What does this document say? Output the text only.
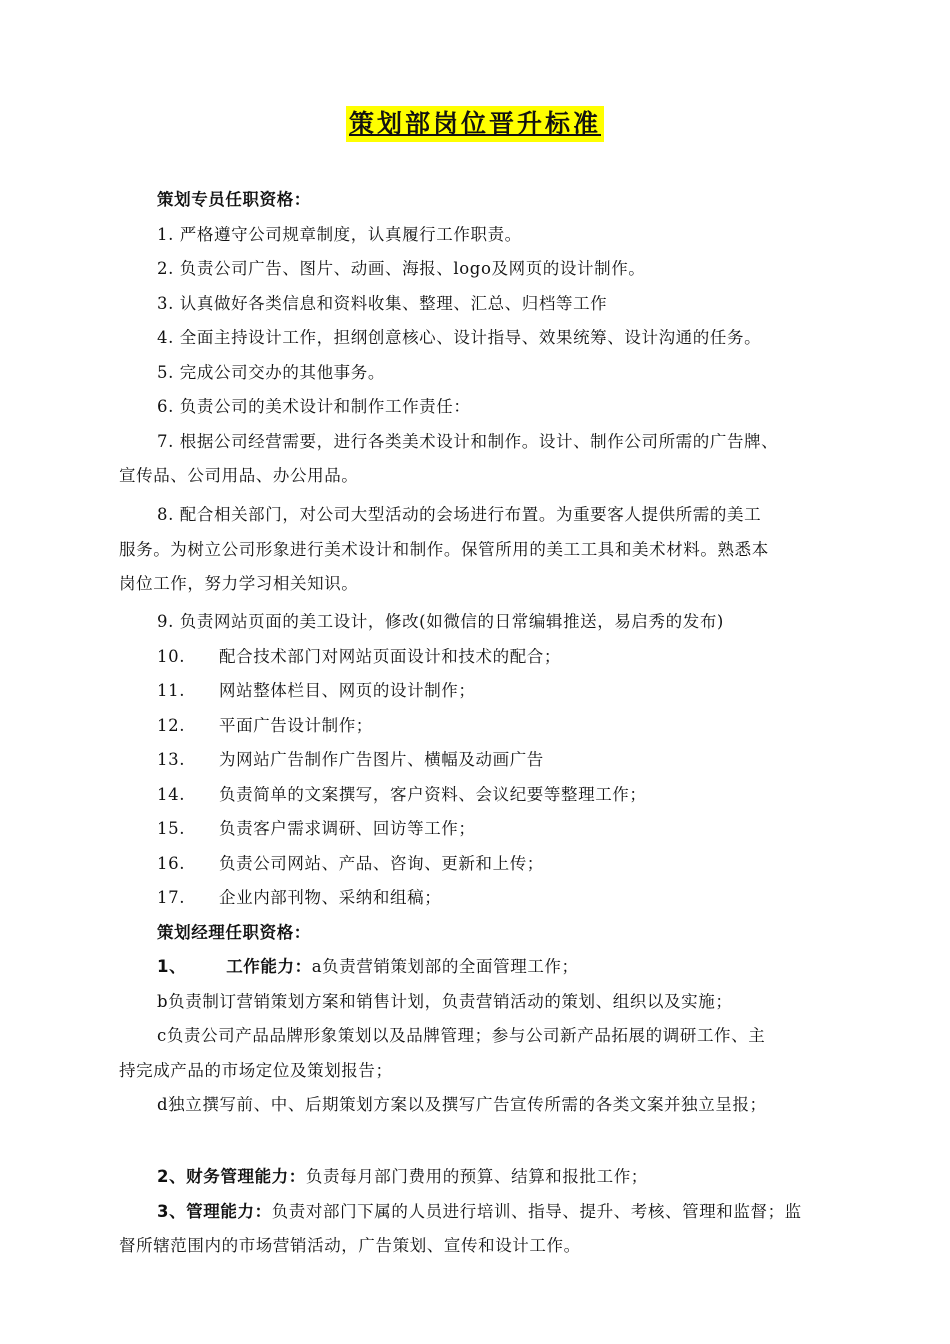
策划部岗位晋升标准
策划专员任职资格：
1. 严格遵守公司规章制度，认真履行工作职责。
2. 负责公司广告、图片、动画、海报、logo及网页的设计制作。
3. 认真做好各类信息和资料收集、整理、汇总、归档等工作
4. 全面主持设计工作，担纲创意核心、设计指导、效果统筹、设计沟通的任务。
5. 完成公司交办的其他事务。
6. 负责公司的美术设计和制作工作责任：
7. 根据公司经营需要，进行各类美术设计和制作。设计、制作公司所需的广告牌、
宣传品、公司用品、办公用品。
8. 配合相关部门，对公司大型活动的会场进行布置。为重要客人提供所需的美工
服务。为树立公司形象进行美术设计和制作。保管所用的美工工具和美术材料。熟悉本
岗位工作，努力学习相关知识。
9. 负责网站页面的美工设计，修改(如微信的日常编辑推送，易启秀的发布)
10. 配合技术部门对网站页面设计和技术的配合；
11. 网站整体栏目、网页的设计制作；
12. 平面广告设计制作；
13. 为网站广告制作广告图片、横幅及动画广告
14. 负责简单的文案撰写，客户资料、会议纪要等整理工作；
15. 负责客户需求调研、回访等工作；
16. 负责公司网站、产品、咨询、更新和上传；
17. 企业内部刊物、采纳和组稿；
策划经理任职资格：
1、 工作能力：a负责营销策划部的全面管理工作；
b负责制订营销策划方案和销售计划，负责营销活动的策划、组织以及实施；
c负责公司产品品牌形象策划以及品牌管理；参与公司新产品拓展的调研工作、主
持完成产品的市场定位及策划报告；
d独立撰写前、中、后期策划方案以及撰写广告宣传所需的各类文案并独立呈报；
2、财务管理能力：负责每月部门费用的预算、结算和报批工作；
3、管理能力：负责对部门下属的人员进行培训、指导、提升、考核、管理和监督；监
督所辖范围内的市场营销活动，广告策划、宣传和设计工作。
